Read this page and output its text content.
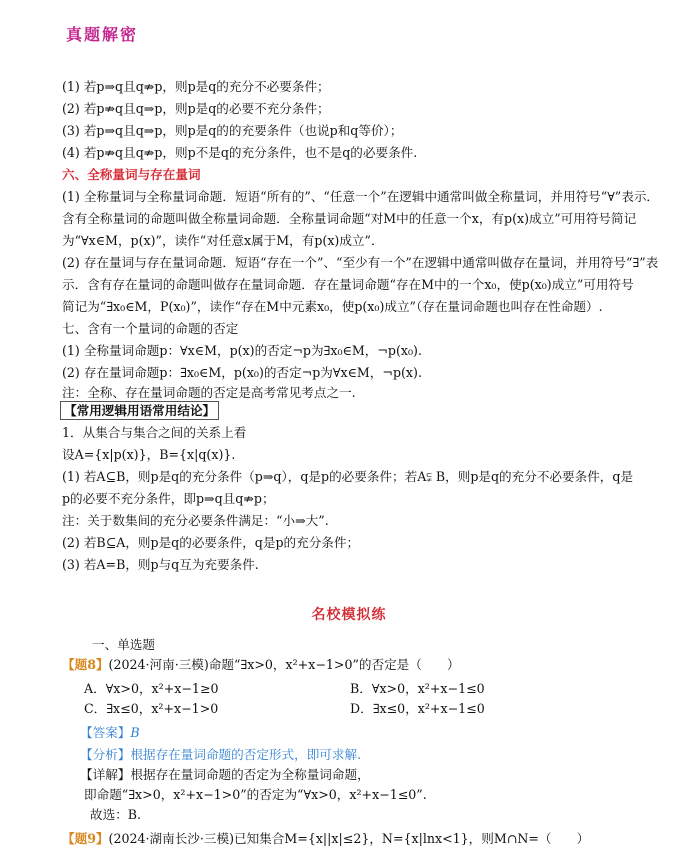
真题解密
(1) 若p⇒q且q⇏p，则p是q的充分不必要条件；
(2) 若p⇏q且q⇒p，则p是q的必要不充分条件；
(3) 若p⇒q且q⇒p，则p是q的的充要条件（也说p和q等价）；
(4) 若p⇏q且q⇏p，则p不是q的充分条件，也不是q的必要条件.
六、全称量词与存在量词
(1) 全称量词与全称量词命题．短语“所有的”、“任意一个”在逻辑中通常叫做全称量词，并用符号“∀”表示．
含有全称量词的命题叫做全称量词命题．全称量词命题“对M中的任意一个x，有p(x)成立”可用符号简记
为“∀x∈M，p(x)”，读作“对任意x属于M，有p(x)成立”．
(2) 存在量词与存在量词命题．短语“存在一个”、“至少有一个”在逻辑中通常叫做存在量词，并用符号“∃”表
示．含有存在量词的命题叫做存在量词命题．存在量词命题“存在M中的一个x₀，使p(x₀)成立”可用符号
简记为“∃x₀∈M，P(x₀)”，读作“存在M中元素x₀，使p(x₀)成立”（存在量词命题也叫存在性命题）.
七、含有一个量词的命题的否定
(1) 全称量词命题p：∀x∈M，p(x)的否定¬p为∃x₀∈M，¬p(x₀).
(2) 存在量词命题p：∃x₀∈M，p(x₀)的否定¬p为∀x∈M，¬p(x).
注：全称、存在量词命题的否定是高考常见考点之一.
【常用逻辑用语常用结论】
1．从集合与集合之间的关系上看
设A={x|p(x)}，B={x|q(x)}.
(1) 若A⊆B，则p是q的充分条件（p⇒q），q是p的必要条件；若A⫋ B，则p是q的充分不必要条件，q是
p的必要不充分条件，即p⇒q且q⇏p；
注：关于数集间的充分必要条件满足：“小⇒大”.
(2) 若B⊆A，则p是q的必要条件，q是p的充分条件；
(3) 若A=B，则p与q互为充要条件.
名校模拟练
一、单选题
【题8】(2024·河南·三模)命题“∃x>0，x²+x−1>0”的否定是（　　）
A．∀x>0，x²+x−1≥0	B．∀x>0，x²+x−1≤0
C．∃x≤0，x²+x−1>0	D．∃x≤0，x²+x−1≤0
【答案】B
【分析】根据存在量词命题的否定形式，即可求解.
【详解】根据存在量词命题的否定为全称量词命题，
即命题“∃x>0，x²+x−1>0”的否定为“∀x>0，x²+x−1≤0”.
故选：B.
【题9】(2024·湖南长沙·三模)已知集合M={x||x|≤2}，N={x|lnx<1}，则M∩N=（　　）
